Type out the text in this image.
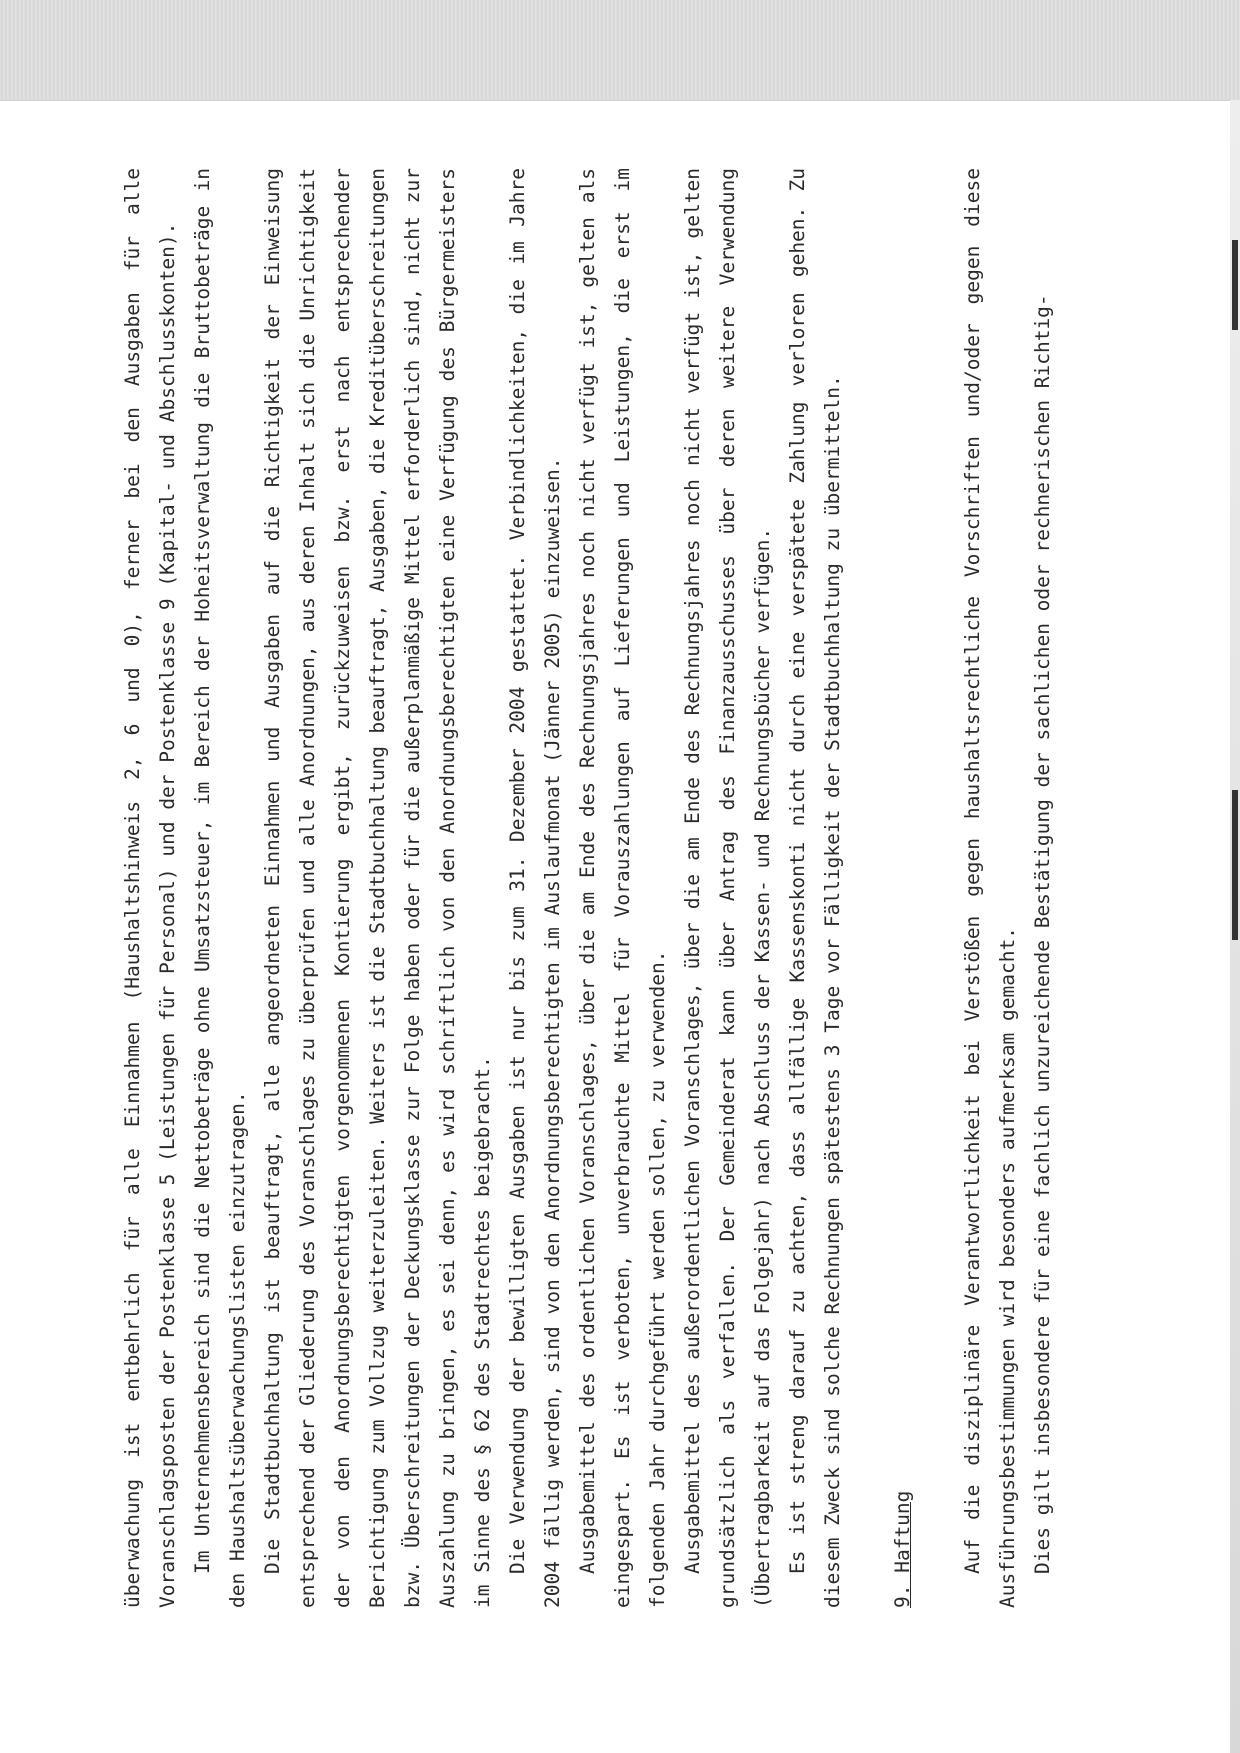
überwachung ist entbehrlich für alle Einnahmen (Haushaltshinweis 2, 6 und 0), ferner bei den Ausgaben für alle Voranschlagsposten der Postenklasse 5 (Leistungen für Personal) und der Postenklasse 9 (Kapital- und Abschlusskonten). Im Unternehmensbereich sind die Nettobeträge ohne Umsatzsteuer, im Bereich der Hoheitsverwaltung die Bruttobeträge in den Haushaltsüberwachungslisten einzutragen. Die Stadtbuchhaltung ist beauftragt, alle angeordneten Einnahmen und Ausgaben auf die Richtigkeit der Einweisung entsprechend der Gliederung des Voranschlages zu überprüfen und alle Anordnungen, aus deren Inhalt sich die Unrichtigkeit der von den Anordnungsberechtigten vorgenommenen Kontierung ergibt, zurückzuweisen bzw. erst nach entsprechender Berichtigung zum Vollzug weiterzuleiten. Weiters ist die Stadtbuchhaltung beauftragt, Ausgaben, die Kreditüberschreitungen bzw. Überschreitungen der Deckungsklasse zur Folge haben oder für die außerplanmäßige Mittel erforderlich sind, nicht zur Auszahlung zu bringen, es sei denn, es wird schriftlich von den Anordnungsberechtigten eine Verfügung des Bürgermeisters im Sinne des § 62 des Stadtrechtes beigebracht. Die Verwendung der bewilligten Ausgaben ist nur bis zum 31. Dezember 2004 gestattet. Verbindlichkeiten, die im Jahre 2004 fällig werden, sind von den Anordnungsberechtigten im Auslaufmonat (Jänner 2005) einzuweisen. Ausgabemittel des ordentlichen Voranschlages, über die am Ende des Rechnungsjahres noch nicht verfügt ist, gelten als eingespart. Es ist verboten, unverbrauchte Mittel für Vorauszahlungen auf Lieferungen und Leistungen, die erst im folgenden Jahr durchgeführt werden sollen, zu verwenden. Ausgabemittel des außerordentlichen Voranschlages, über die am Ende des Rechnungsjahres noch nicht verfügt ist, gelten grundsätzlich als verfallen. Der Gemeinderat kann über Antrag des Finanzausschusses über deren weitere Verwendung (Übertragbarkeit auf das Folgejahr) nach Abschluss der Kassen- und Rechnungsbücher verfügen. Es ist streng darauf zu achten, dass allfällige Kassenskonti nicht durch eine verspätete Zahlung verloren gehen. Zu diesem Zweck sind solche Rechnungen spätestens 3 Tage vor Fälligkeit der Stadtbuchhaltung zu übermitteln.	9. Haftung	Auf die disziplinäre Verantwortlichkeit bei Verstößen gegen haushaltsrechtliche Vorschriften und/oder gegen diese Ausführungsbestimmungen wird besonders aufmerksam gemacht. Dies gilt insbesondere für eine fachlich unzureichende Bestätigung der sachlichen oder rechnerischen Richtig-
